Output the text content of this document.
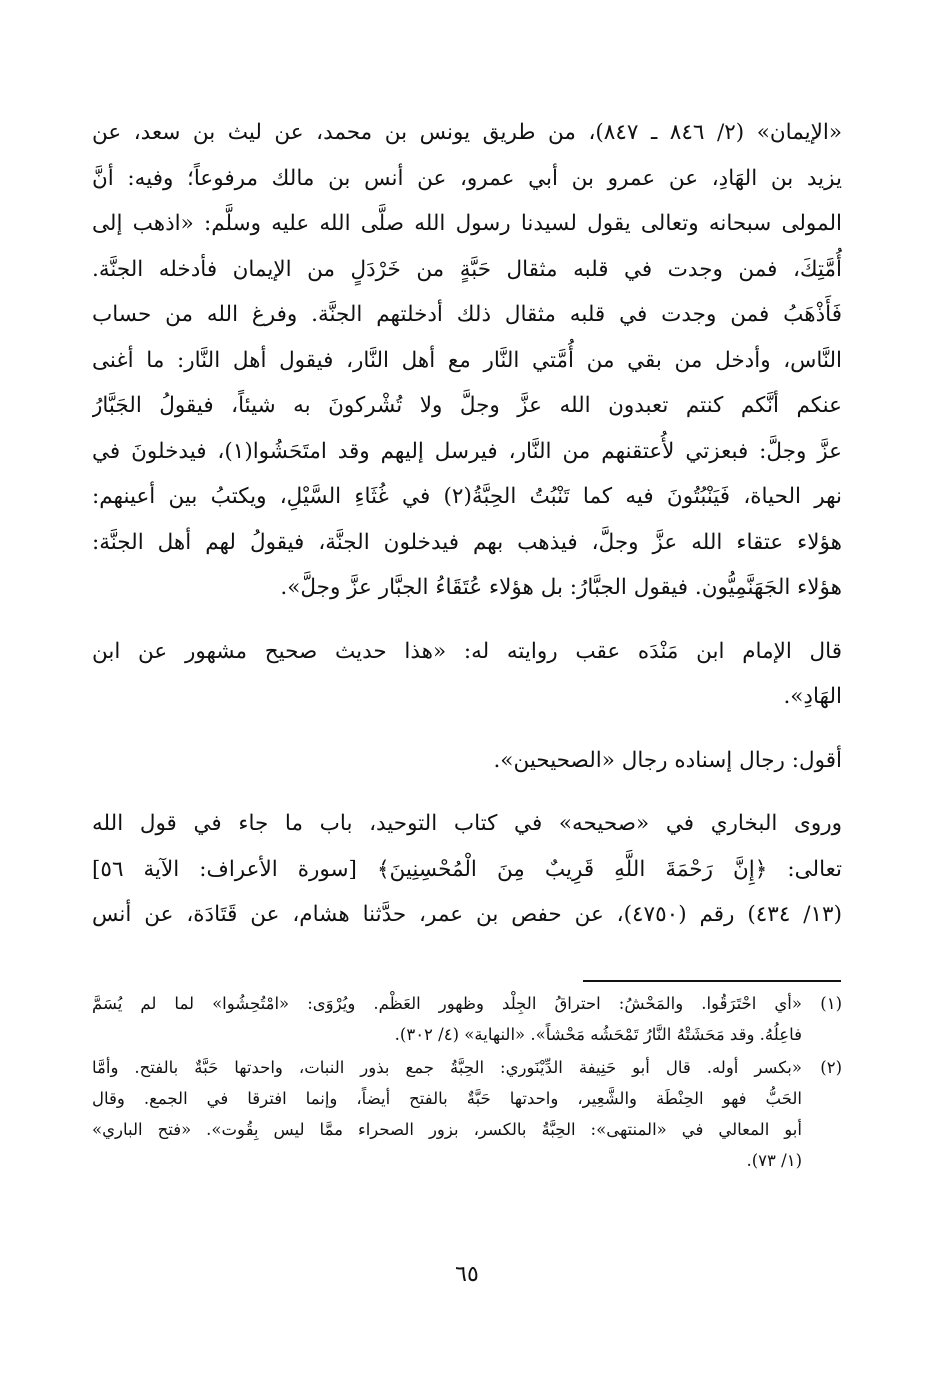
«الإيمان» (٢/ ٨٤٦ ـ ٨٤٧)، من طريق يونس بن محمد، عن ليث بن سعد، عن
يزيد بن الهَادِ، عن عمرو بن أبي عمرو، عن أنس بن مالك مرفوعاً؛ وفيه: أنَّ
المولى سبحانه وتعالى يقول لسيدنا رسول الله صلَّى الله عليه وسلَّم: «اذهب إلى
أُمَّتِكَ، فمن وجدت في قلبه مثقال حَبَّةٍ من خَرْدَلٍ من الإيمان فأدخله الجنَّة.
فَأَذْهَبُ فمن وجدت في قلبه مثقال ذلك أدخلتهم الجنَّة. وفرغ الله من حساب
النَّاس، وأدخل من بقي من أُمَّتي النَّار مع أهل النَّار، فيقول أهل النَّار: ما أغنى
عنكم أنَّكم كنتم تعبدون الله عزَّ وجلَّ ولا تُشْركونَ به شيئاً، فيقولُ الجَبَّارُ
عزَّ وجلَّ: فبعزتي لأُعتقنهم من النَّار، فيرسل إليهم وقد امتَحَشُوا(١)، فيدخلونَ في
نهر الحياة، فَيَنْبُتُونَ فيه كما تَنْبُتُ الحِبَّةُ(٢) في غُثَاءِ السَّيْلِ، ويكتبُ بين أعينهم:
هؤلاء عتقاء الله عزَّ وجلَّ، فيذهب بهم فيدخلون الجنَّة، فيقولُ لهم أهل الجنَّة:
هؤلاء الجَهَنَّمِيُّون. فيقول الجبَّارُ: بل هؤلاء عُتَقَاءُ الجبَّار عزَّ وجلَّ».

قال الإمام ابن مَنْدَه عقب روايته له: «هذا حديث صحيح مشهور عن ابن
الهَادِ».

أقول: رجال إسناده رجال «الصحيحين».

وروى البخاري في «صحيحه» في كتاب التوحيد، باب ما جاء في قول الله
تعالى: ﴿إِنَّ رَحْمَةَ اللَّهِ قَرِيبٌ مِنَ الْمُحْسِنِينَ﴾ [سورة الأعراف: الآية ٥٦]
(١٣/ ٤٣٤) رقم (٤٧٥٠)، عن حفص بن عمر، حدَّثنا هشام، عن قَتَادَة، عن أنس

(١)
«أي احْتَرَقُوا. والمَحْشُ: احتراقُ الجِلْد وظهور العَظْم. ويُرْوَى: «امْتُحِشُوا» لما لم يُسَمَّ
فاعِلُهُ. وقد مَحَشَتْهُ النَّارُ تَمْحَشُه مَحْشاً». «النهاية» (٤/ ٣٠٢).
(٢)
«بكسر أوله. قال أبو حَنِيفة الدِّيْنَوري: الحِبَّةُ جمع بذور النبات، واحدتها حَبَّةٌ بالفتح. وأمَّا
الحَبُّ فهو الحِنْطَة والشَّعِير، واحدتها حَبَّةٌ بالفتح أيضاً، وإنما افترقا في الجمع. وقال
أبو المعالي في «المنتهى»: الحِبَّةُ بالكسر، بزور الصحراء ممَّا ليس بِقُوت». «فتح الباري»
(١/ ٧٣).
٦٥
